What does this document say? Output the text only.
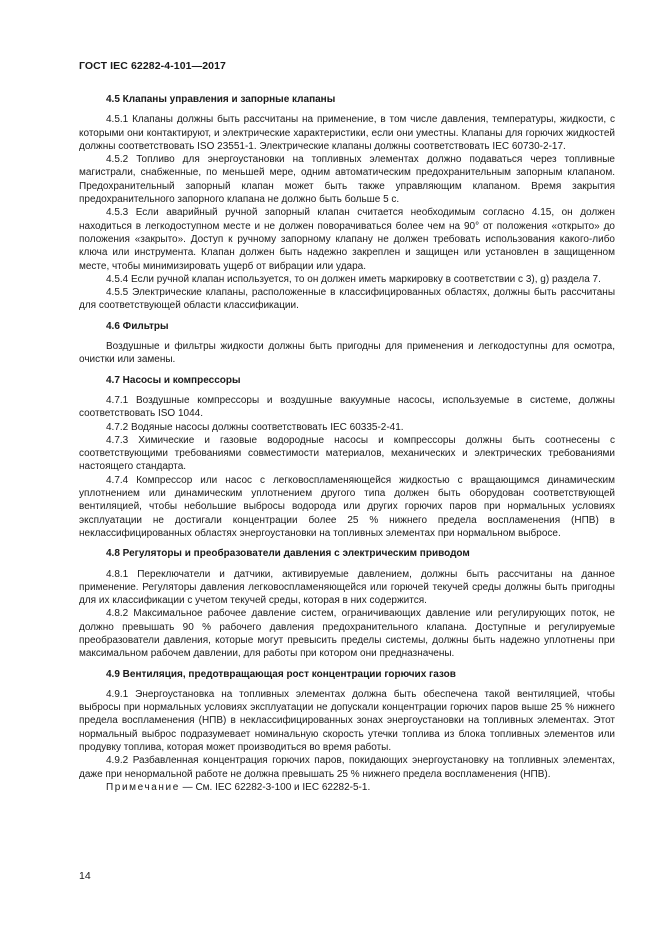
ГОСТ IEC 62282-4-101—2017

4.5 Клапаны управления и запорные клапаны

4.5.1 Клапаны должны быть рассчитаны на применение, в том числе давления, температуры, жидкости, с которыми они контактируют, и электрические характеристики, если они уместны. Клапаны для горючих жидкостей должны соответствовать ISO 23551-1. Электрические клапаны должны соответствовать IEC 60730-2-17.

4.5.2 Топливо для энергоустановки на топливных элементах должно подаваться через топливные магистрали, снабженные, по меньшей мере, одним автоматическим предохранительным запорным клапаном. Предохранительный запорный клапан может быть также управляющим клапаном. Время закрытия предохранительного запорного клапана не должно быть больше 5 с.

4.5.3 Если аварийный ручной запорный клапан считается необходимым согласно 4.15, он должен находиться в легкодоступном месте и не должен поворачиваться более чем на 90° от положения «открыто» до положения «закрыто». Доступ к ручному запорному клапану не должен требовать использования какого-либо ключа или инструмента. Клапан должен быть надежно закреплен и защищен или установлен в защищенном месте, чтобы минимизировать ущерб от вибрации или удара.

4.5.4 Если ручной клапан используется, то он должен иметь маркировку в соответствии с 3), g) раздела 7.

4.5.5 Электрические клапаны, расположенные в классифицированных областях, должны быть рассчитаны для соответствующей области классификации.

4.6 Фильтры

Воздушные и фильтры жидкости должны быть пригодны для применения и легкодоступны для осмотра, очистки или замены.

4.7 Насосы и компрессоры

4.7.1 Воздушные компрессоры и воздушные вакуумные насосы, используемые в системе, должны соответствовать ISO 1044.

4.7.2 Водяные насосы должны соответствовать IEC 60335-2-41.

4.7.3 Химические и газовые водородные насосы и компрессоры должны быть соотнесены с соответствующими требованиями совместимости материалов, механических и электрических требованиями настоящего стандарта.

4.7.4 Компрессор или насос с легковоспламеняющейся жидкостью с вращающимся динамическим уплотнением или динамическим уплотнением другого типа должен быть оборудован соответствующей вентиляцией, чтобы небольшие выбросы водорода или других горючих паров при нормальных условиях эксплуатации не достигали концентрации более 25 % нижнего предела воспламенения (НПВ) в неклассифицированных областях энергоустановки на топливных элементах при нормальном выбросе.

4.8 Регуляторы и преобразователи давления с электрическим приводом

4.8.1 Переключатели и датчики, активируемые давлением, должны быть рассчитаны на данное применение. Регуляторы давления легковоспламеняющейся или горючей текучей среды должны быть пригодны для их классификации с учетом текучей среды, которая в них содержится.

4.8.2 Максимальное рабочее давление систем, ограничивающих давление или регулирующих поток, не должно превышать 90 % рабочего давления предохранительного клапана. Доступные и регулируемые преобразователи давления, которые могут превысить пределы системы, должны быть надежно уплотнены при максимальном рабочем давлении, для работы при котором они предназначены.

4.9 Вентиляция, предотвращающая рост концентрации горючих газов

4.9.1 Энергоустановка на топливных элементах должна быть обеспечена такой вентиляцией, чтобы выбросы при нормальных условиях эксплуатации не допускали концентрации горючих паров выше 25 % нижнего предела воспламенения (НПВ) в неклассифицированных зонах энергоустановки на топливных элементах. Этот нормальный выброс подразумевает номинальную скорость утечки топлива из блока топливных элементов или продувку топлива, которая может производиться во время работы.

4.9.2 Разбавленная концентрация горючих паров, покидающих энергоустановку на топливных элементах, даже при ненормальной работе не должна превышать 25 % нижнего предела воспламенения (НПВ).

Примечание — См. IEC 62282-3-100 и IEC 62282-5-1.

14
